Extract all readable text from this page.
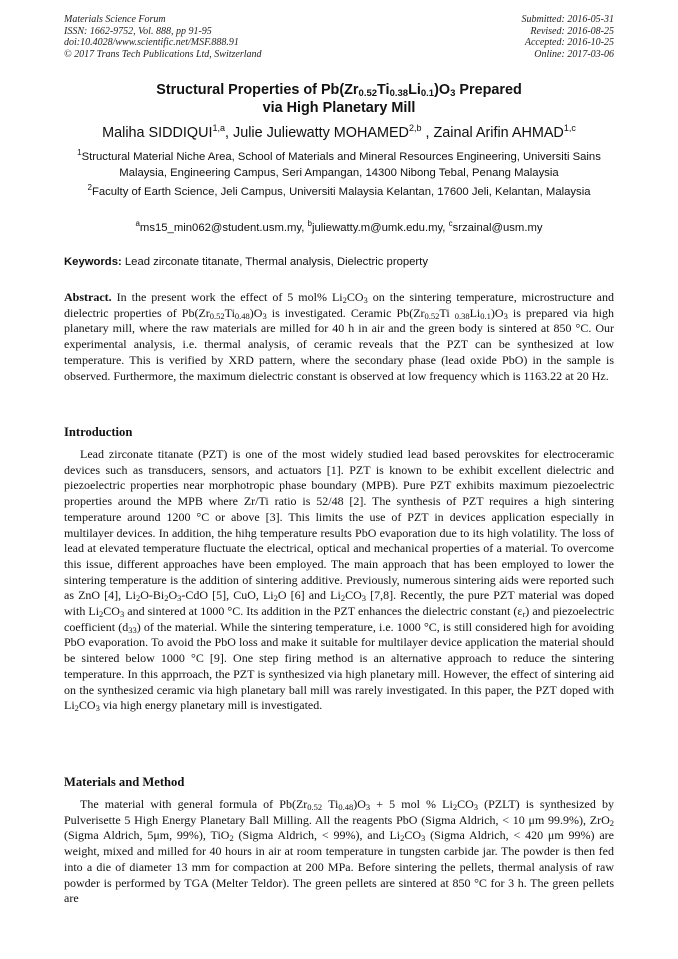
Materials Science Forum
ISSN: 1662-9752, Vol. 888, pp 91-95
doi:10.4028/www.scientific.net/MSF.888.91
© 2017 Trans Tech Publications Ltd, Switzerland
Submitted: 2016-05-31
Revised: 2016-08-25
Accepted: 2016-10-25
Online: 2017-03-06
Structural Properties of $Pb(Zr_{0.52}Ti_{0.38}Li_{0.1})O_3$ Prepared
via High Planetary Mill
Maliha SIDDIQUI$^{1,a}$, Julie Juliewatty MOHAMED$^{2,b}$ , Zainal Arifin AHMAD$^{1,c}$
$^1$Structural Material Niche Area, School of Materials and Mineral Resources Engineering, Universiti Sains Malaysia, Engineering Campus, Seri Ampangan, 14300 Nibong Tebal, Penang Malaysia
$^2$Faculty of Earth Science, Jeli Campus, Universiti Malaysia Kelantan, 17600 Jeli, Kelantan, Malaysia
$^a$ms15_min062@student.usm.my, $^b$juliewatty.m@umk.edu.my, $^c$srzainal@usm.my
Keywords: Lead zirconate titanate, Thermal analysis, Dielectric property

Abstract. In the present work the effect of 5 mol% $Li_2CO_3$ on the sintering temperature, microstructure and dielectric properties of $Pb(Zr_{0.52}Ti_{0.48})O_3$ is investigated. Ceramic $Pb(Zr_{0.52}Ti$ $_{0.38}Li_{0.1})O_3$ is prepared via high planetary mill, where the raw materials are milled for 40 h in air and the green body is sintered at 850 °C. Our experimental analysis, i.e. thermal analysis, of ceramic reveals that the PZT can be synthesized at low temperature. This is verified by XRD pattern, where the secondary phase (lead oxide PbO) in the sample is observed. Furthermore, the maximum dielectric constant is observed at low frequency which is 1163.22 at 20 Hz.

Introduction

Lead zirconate titanate (PZT) is one of the most widely studied lead based perovskites for electroceramic devices such as transducers, sensors, and actuators [1]. PZT is known to be exhibit excellent dielectric and piezoelectric properties near morphotropic phase boundary (MPB). Pure PZT exhibits maximum piezoelectric properties around the MPB where Zr/Ti ratio is 52/48 [2]. The synthesis of PZT requires a high sintering temperature around 1200 °C or above [3]. This limits the use of PZT in devices application especially in multilayer devices. In addition, the hihg temperature results PbO evaporation due to its high volatility. The loss of lead at elevated temperature fluctuate the electrical, optical and mechanical properties of a material. To overcome this issue, different approaches have been employed. The main approach that has been employed to lower the sintering temperature is the addition of sintering additive. Previously, numerous sintering aids were reported such as ZnO [4], $Li_2O-Bi_2O_3$-CdO [5], CuO, $Li_2O$ [6] and $Li_2CO_3$ [7,8]. Recently, the pure PZT material was doped with $Li_2CO_3$ and sintered at 1000 °C. Its addition in the PZT enhances the dielectric constant $(\varepsilon_r)$ and piezoelectric coefficient $(d_{33})$ of the material. While the sintering temperature, i.e. 1000 °C, is still considered high for avoiding PbO evaporation. To avoid the PbO loss and make it suitable for multilayer device application the material should be sintered below 1000 °C [9]. One step firing method is an alternative approach to reduce the sintering temperature. In this apprroach, the PZT is synthesized via high planetary mill. However, the effect of sintering aid on the synthesized ceramic via high planetary ball mill was rarely investigated. In this paper, the PZT doped with $Li_2CO_3$ via high energy planetary mill is investigated.

Materials and Method

The material with general formula of $Pb(Zr_{0.52}$ $Ti_{0.48})O_3 + 5$ mol % $Li_2CO_3$ (PZLT) is synthesized by Pulverisette 5 High Energy Planetary Ball Milling. All the reagents PbO (Sigma Aldrich, < 10 μm 99.9%), ZrO$_2$ (Sigma Aldrich, 5μm, 99%), TiO$_2$ (Sigma Aldrich, < 99%), and $Li_2CO_3$ (Sigma Aldrich, < 420 μm 99%) are weight, mixed and milled for 40 hours in air at room temperature in tungsten carbide jar. The powder is then fed into a die of diameter 13 mm for compaction at 200 MPa. Before sintering the pellets, thermal analysis of raw powder is performed by TGA (Melter Teldor). The green pellets are sintered at 850 °C for 3 h. The green pellets are
